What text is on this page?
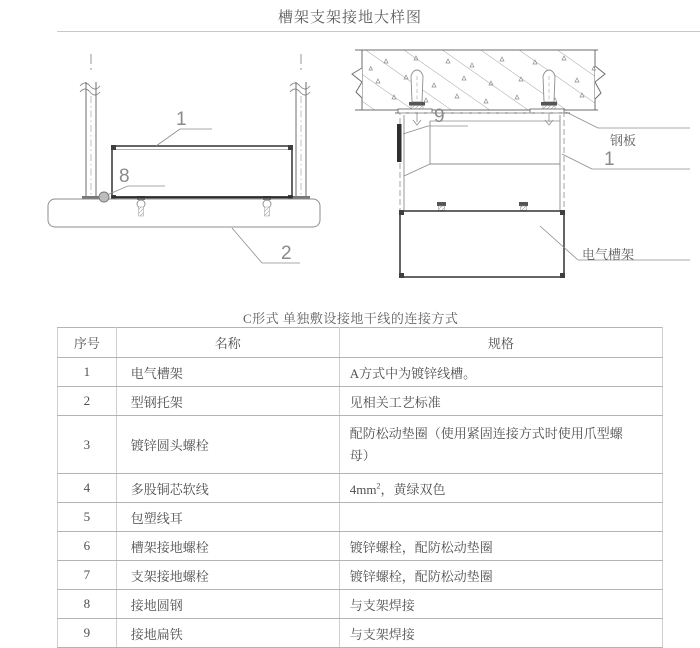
槽架支架接地大样图
1
8
2
9
1
钢板
电气槽架
C形式 单独敷设接地干线的连接方式
序号	名称	规格
1	电气槽架	A方式中为镀锌线槽。
2	型钢托架	见相关工艺标准
3	镀锌圆头螺栓	配防松动垫圈（使用紧固连接方式时使用爪型螺
母）

4	多股铜芯软线	$4mm^2$，黄绿双色
5	包塑线耳	
6	槽架接地螺栓	镀锌螺栓，配防松动垫圈
7	支架接地螺栓	镀锌螺栓，配防松动垫圈
8	接地圆钢	与支架焊接
9	接地扁铁	与支架焊接
